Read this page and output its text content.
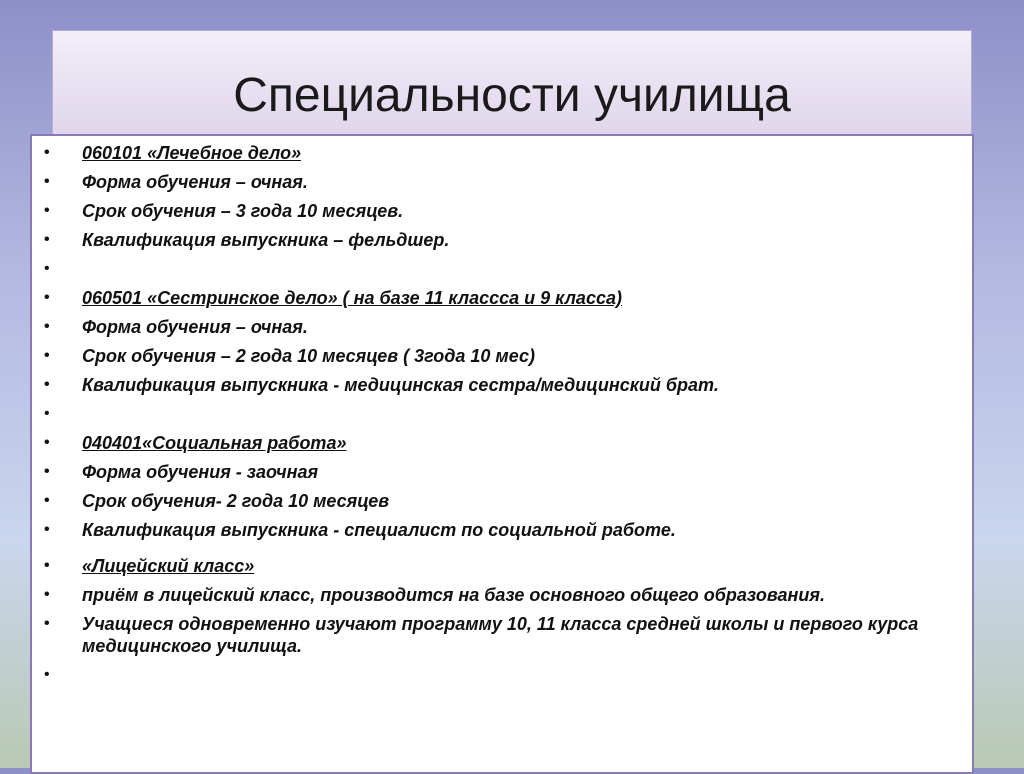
Специальности училища
• 060101 «Лечебное дело»
• Форма обучения – очная.
• Срок обучения – 3 года 10 месяцев.
• Квалификация выпускника – фельдшер.
•
• 060501 «Сестринское дело» ( на базе 11 классса и 9 класса)
• Форма обучения – очная.
• Срок обучения – 2 года 10 месяцев ( 3года 10 мес)
• Квалификация выпускника - медицинская сестра/медицинский брат.
•
• 040401«Социальная работа»
• Форма обучения - заочная
• Срок обучения- 2 года 10 месяцев
• Квалификация выпускника - специалист по социальной работе.
• «Лицейский класс»
• приём в лицейский класс, производится на базе основного общего образования.
• Учащиеся одновременно изучают программу 10, 11 класса средней школы и первого курса медицинского училища.
•
